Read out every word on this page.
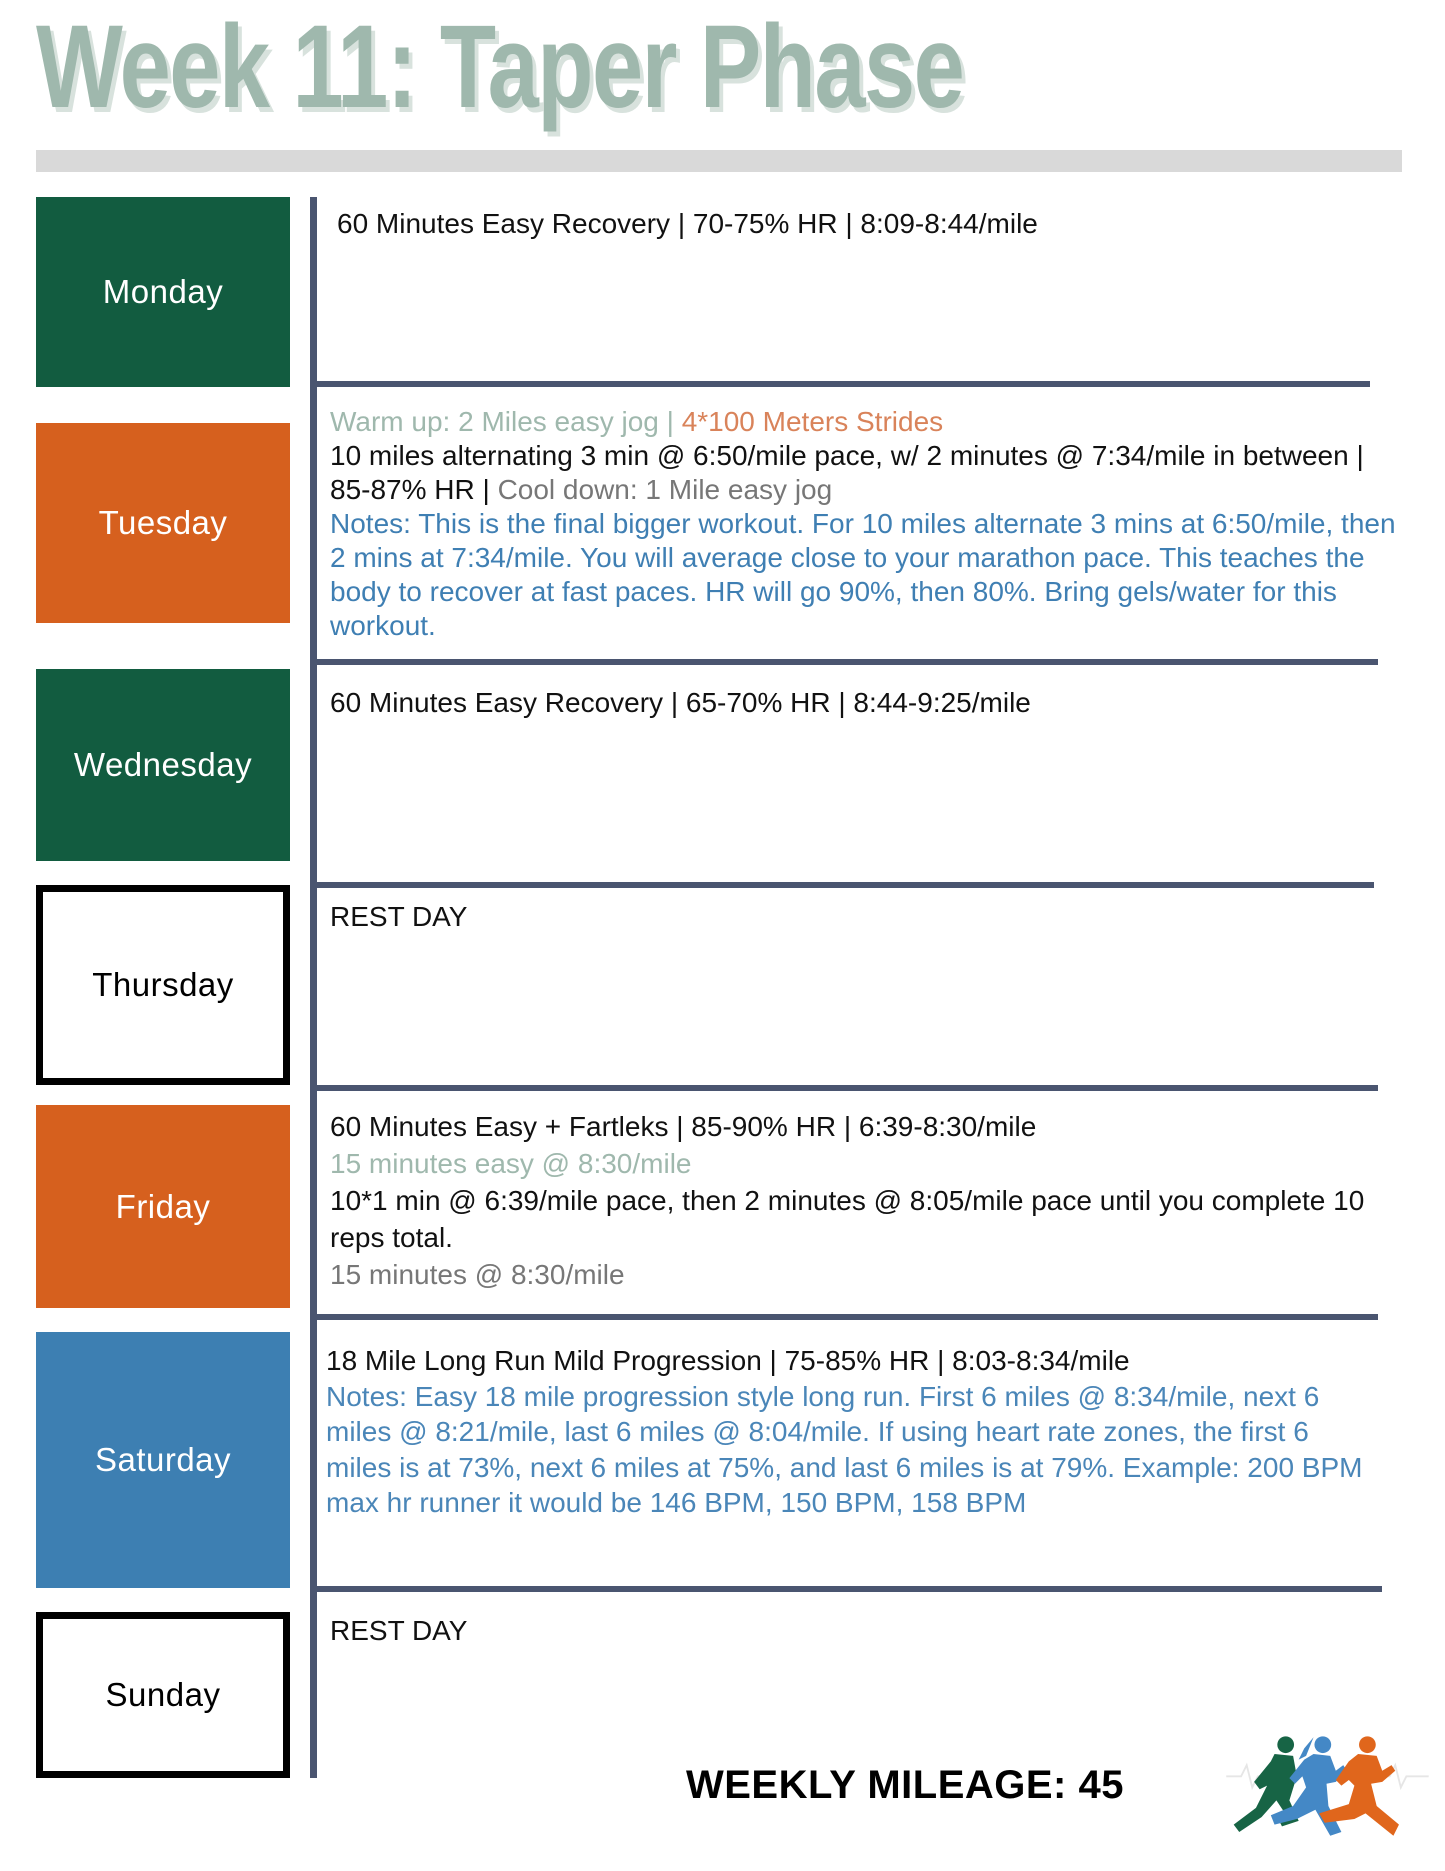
Week 11: Taper Phase
Monday

60 Minutes Easy Recovery | 70-75% HR | 8:09-8:44/mile

Tuesday

Warm up: 2 Miles easy jog | 4*100 Meters Strides

10 miles alternating 3 min @ 6:50/mile pace, w/ 2 minutes @ 7:34/mile in between | 85-87% HR | Cool down: 1 Mile easy jog

Notes: This is the final bigger workout. For 10 miles alternate 3 mins at 6:50/mile, then 2 mins at 7:34/mile. You will average close to your marathon pace. This teaches the body to recover at fast paces. HR will go 90%, then 80%. Bring gels/water for this workout.

Wednesday

60 Minutes Easy Recovery | 65-70% HR | 8:44-9:25/mile

Thursday

REST DAY

Friday

60 Minutes Easy + Fartleks | 85-90% HR | 6:39-8:30/mile

15 minutes easy @ 8:30/mile

10*1 min @ 6:39/mile pace, then 2 minutes @ 8:05/mile pace until you complete 10 reps total.

15 minutes @ 8:30/mile

Saturday

18 Mile Long Run Mild Progression | 75-85% HR | 8:03-8:34/mile

Notes: Easy 18 mile progression style long run. First 6 miles @ 8:34/mile, next 6 miles @ 8:21/mile, last 6 miles @ 8:04/mile. If using heart rate zones, the first 6 miles is at 73%, next 6 miles at 75%, and last 6 miles is at 79%. Example: 200 BPM max hr runner it would be 146 BPM, 150 BPM, 158 BPM

Sunday

REST DAY

WEEKLY MILEAGE: 45
